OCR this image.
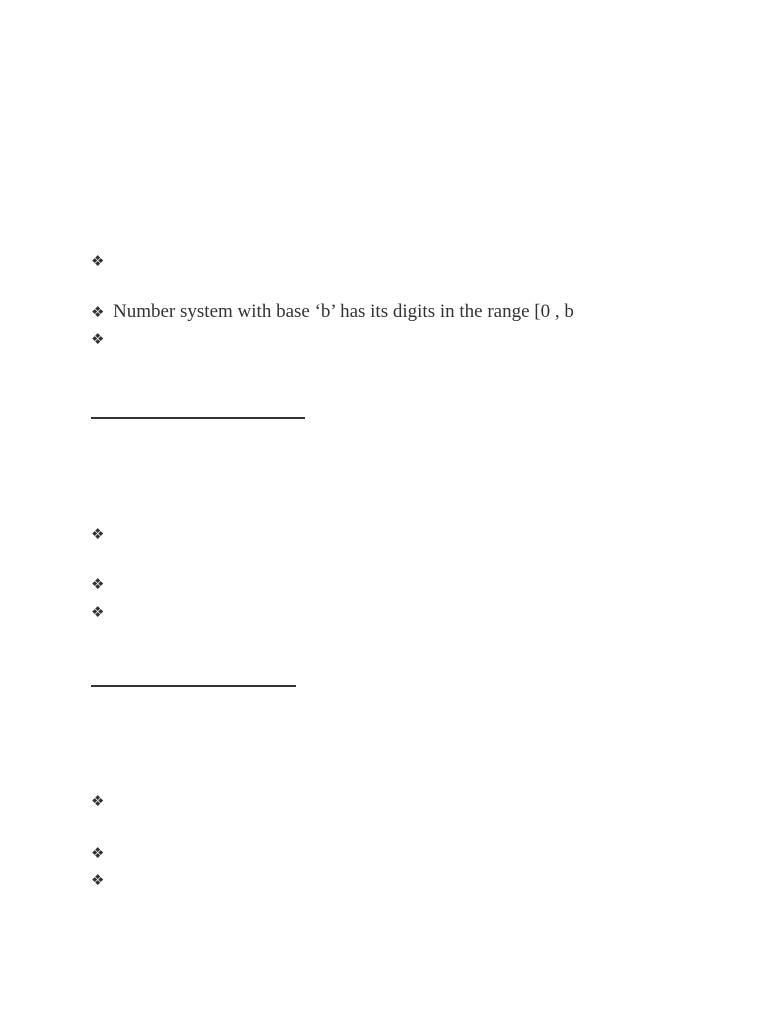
❖
❖ Number system with base ‘b’ has its digits in the range [0 , b
❖
❖
❖
❖
❖
❖
❖
